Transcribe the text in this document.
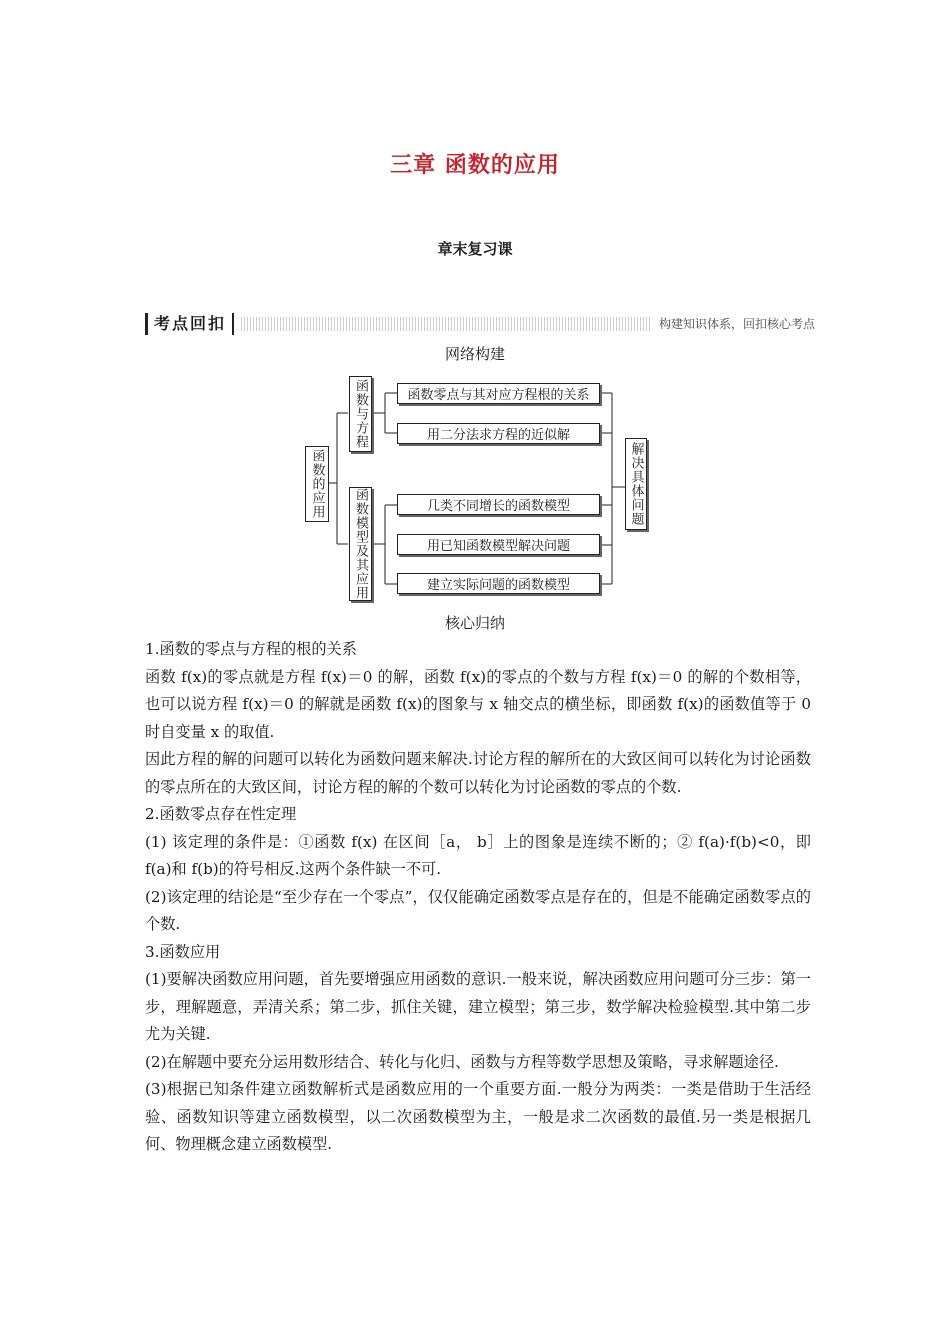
三章 函数的应用
章末复习课
考点回扣	构建知识体系，回扣核心考点
网络构建
函数的应用
函数与方程
函数模型及其应用
函数零点与其对应方程根的关系
用二分法求方程的近似解
几类不同增长的函数模型
用已知函数模型解决问题
建立实际问题的函数模型
解决具体问题
核心归纳

1.函数的零点与方程的根的关系

函数 f(x)的零点就是方程 f(x)＝0 的解，函数 f(x)的零点的个数与方程 f(x)＝0 的解的个数相等，也可以说方程 f(x)＝0 的解就是函数 f(x)的图象与 x 轴交点的横坐标，即函数 f(x)的函数值等于 0 时自变量 x 的取值.

因此方程的解的问题可以转化为函数问题来解决.讨论方程的解所在的大致区间可以转化为讨论函数的零点所在的大致区间，讨论方程的解的个数可以转化为讨论函数的零点的个数.

2.函数零点存在性定理

(1) 该定理的条件是：①函数 f(x) 在区间［a， b］上的图象是连续不断的；② f(a)·f(b)<0，即 f(a)和 f(b)的符号相反.这两个条件缺一不可.

(2)该定理的结论是“至少存在一个零点”，仅仅能确定函数零点是存在的，但是不能确定函数零点的个数.

3.函数应用

(1)要解决函数应用问题，首先要增强应用函数的意识.一般来说，解决函数应用问题可分三步：第一步，理解题意，弄清关系；第二步，抓住关键，建立模型；第三步，数学解决检验模型.其中第二步尤为关键.

(2)在解题中要充分运用数形结合、转化与化归、函数与方程等数学思想及策略，寻求解题途径.

(3)根据已知条件建立函数解析式是函数应用的一个重要方面.一般分为两类：一类是借助于生活经验、函数知识等建立函数模型，以二次函数模型为主，一般是求二次函数的最值.另一类是根据几何、物理概念建立函数模型.
